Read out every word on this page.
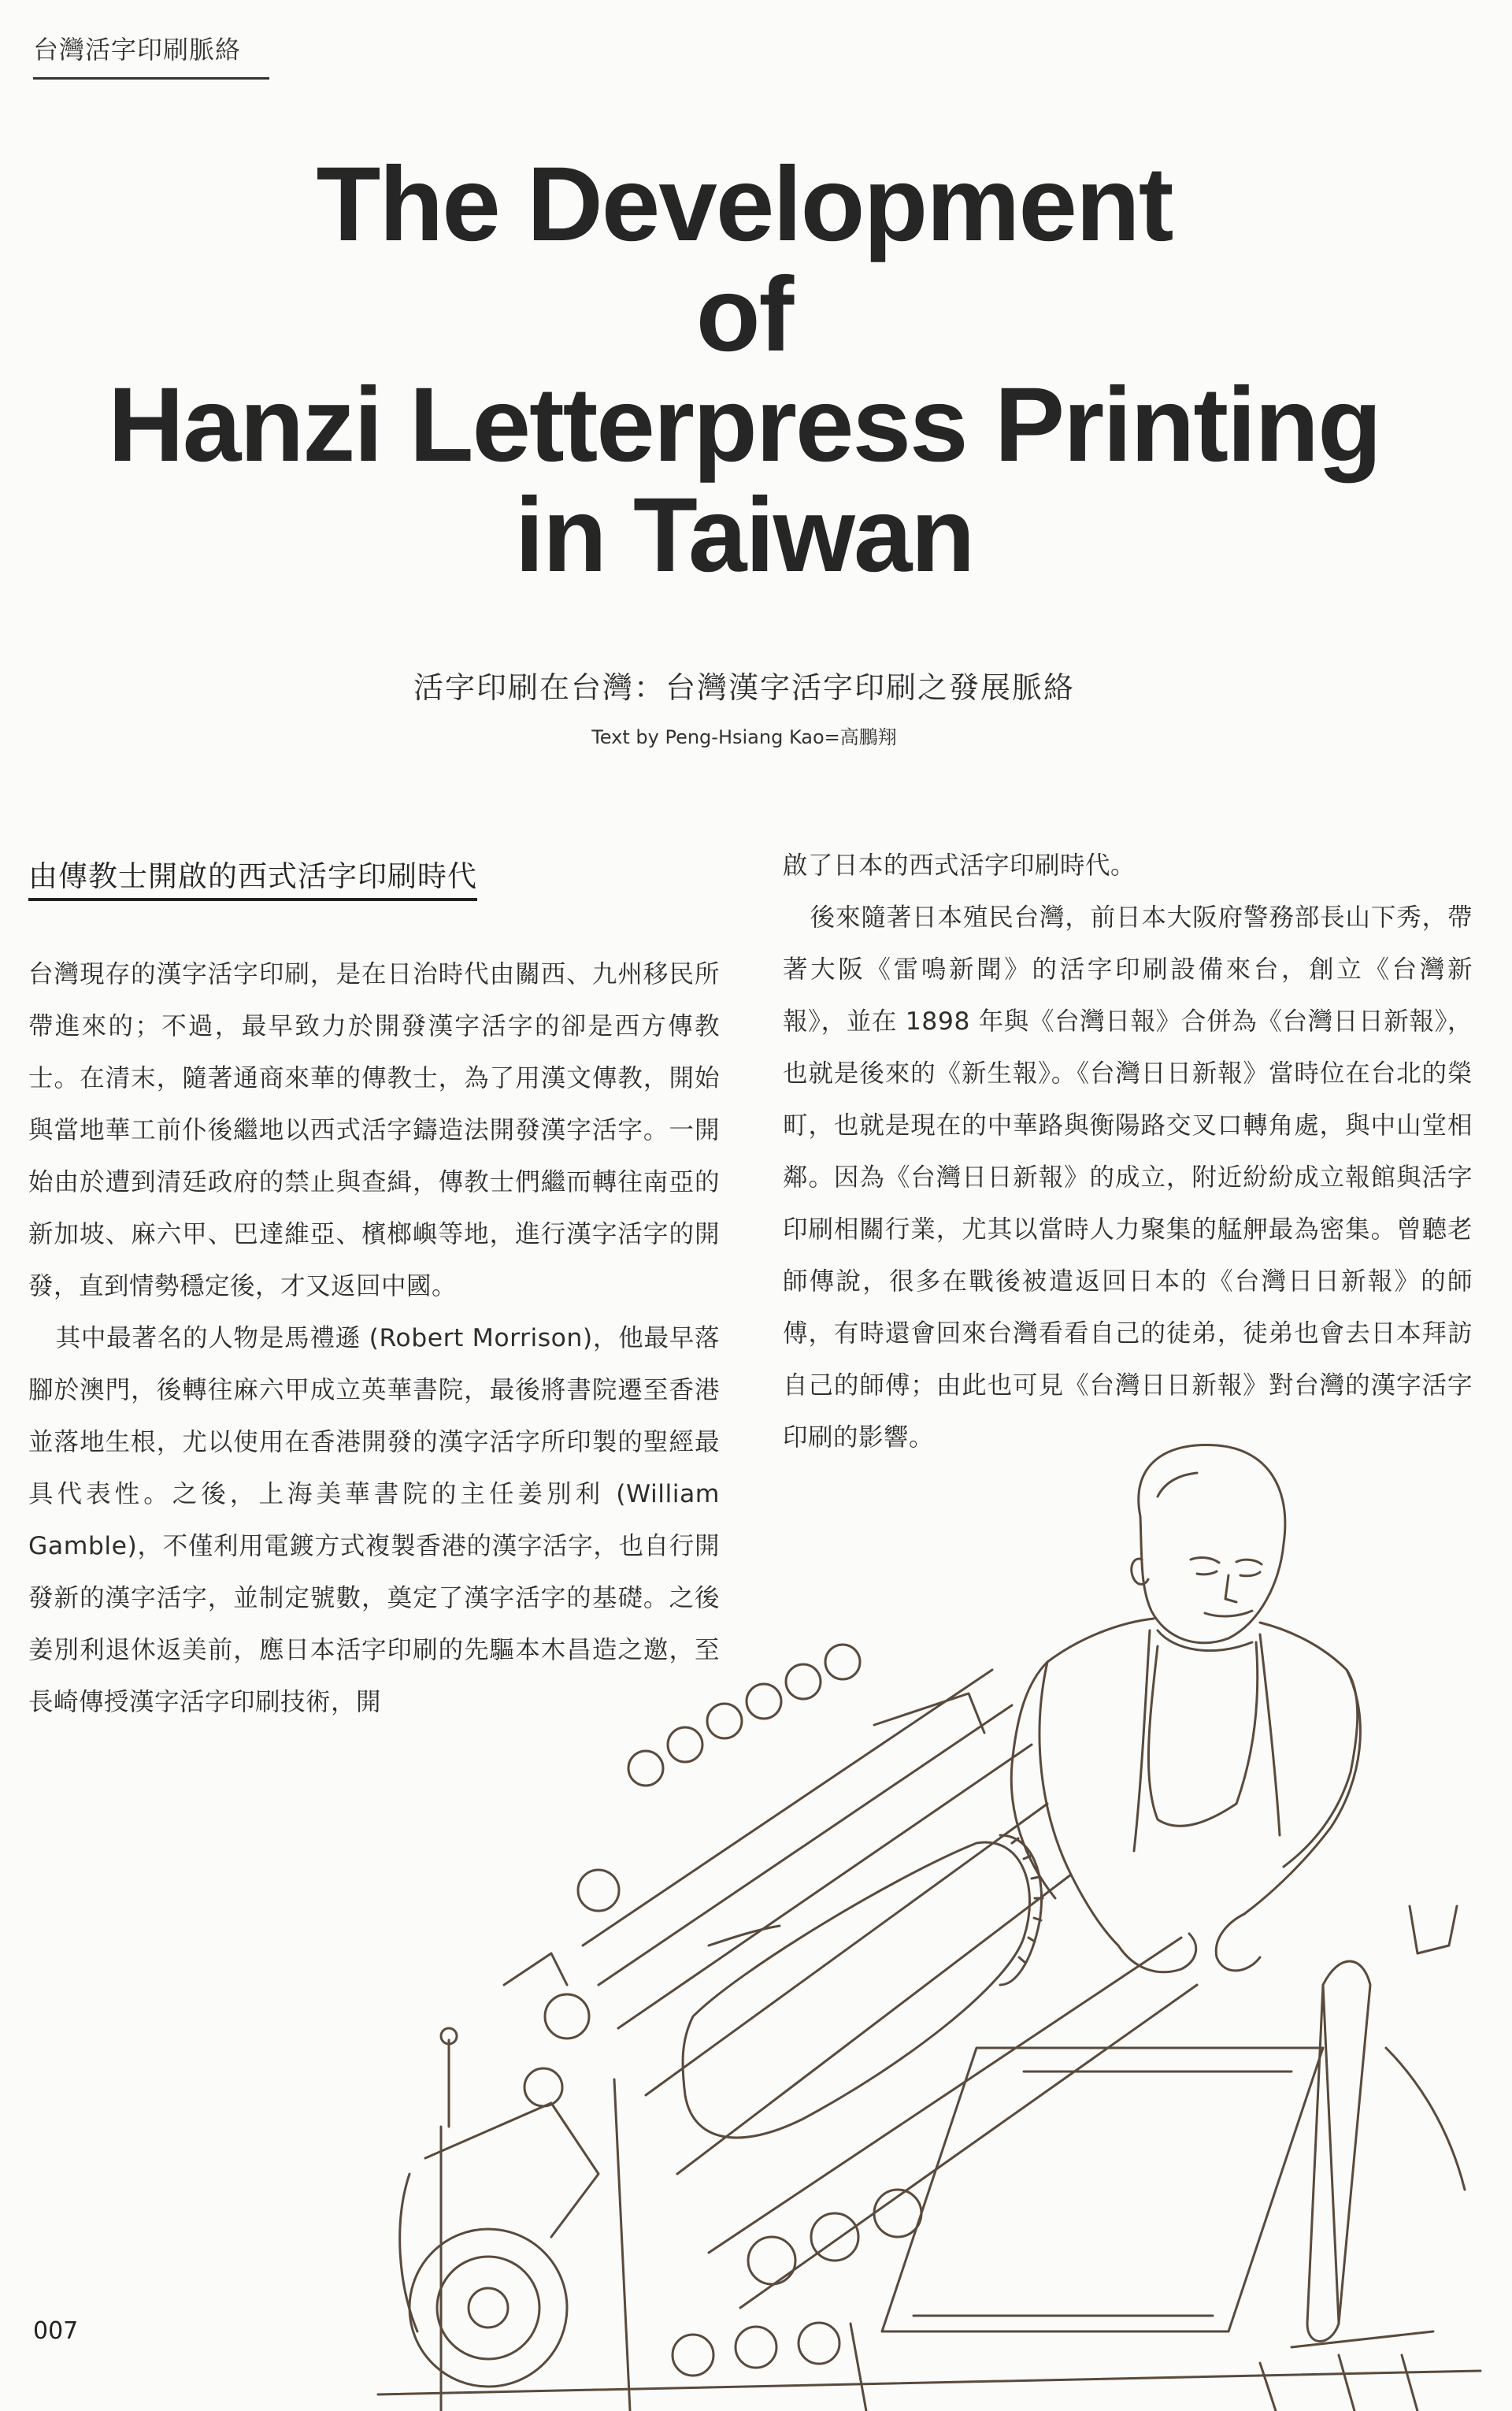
台灣活字印刷脈絡
The Development
of
Hanzi Letterpress Printing
in Taiwan
活字印刷在台灣：台灣漢字活字印刷之發展脈絡
Text by Peng-Hsiang Kao=高鵬翔
由傳教士開啟的西式活字印刷時代

台灣現存的漢字活字印刷，是在日治時代由關西、九州移民所帶進來的；不過，最早致力於開發漢字活字的卻是西方傳教士。在清末，隨著通商來華的傳教士，為了用漢文傳教，開始與當地華工前仆後繼地以西式活字鑄造法開發漢字活字。一開始由於遭到清廷政府的禁止與查緝，傳教士們繼而轉往南亞的新加坡、麻六甲、巴達維亞、檳榔嶼等地，進行漢字活字的開發，直到情勢穩定後，才又返回中國。

其中最著名的人物是馬禮遜 (Robert Morrison)，他最早落腳於澳門，後轉往麻六甲成立英華書院，最後將書院遷至香港並落地生根，尤以使用在香港開發的漢字活字所印製的聖經最具代表性。之後，上海美華書院的主任姜別利 (William Gamble)，不僅利用電鍍方式複製香港的漢字活字，也自行開發新的漢字活字，並制定號數，奠定了漢字活字的基礎。之後姜別利退休返美前，應日本活字印刷的先驅本木昌造之邀，至長崎傳授漢字活字印刷技術，開

啟了日本的西式活字印刷時代。

後來隨著日本殖民台灣，前日本大阪府警務部長山下秀，帶著大阪《雷鳴新聞》的活字印刷設備來台，創立《台灣新報》，並在 1898 年與《台灣日報》合併為《台灣日日新報》，也就是後來的《新生報》。《台灣日日新報》當時位在台北的榮町，也就是現在的中華路與衡陽路交叉口轉角處，與中山堂相鄰。因為《台灣日日新報》的成立，附近紛紛成立報館與活字印刷相關行業，尤其以當時人力聚集的艋舺最為密集。曾聽老師傳說，很多在戰後被遣返回日本的《台灣日日新報》的師傅，有時還會回來台灣看看自己的徒弟，徒弟也會去日本拜訪自己的師傅；由此也可見《台灣日日新報》對台灣的漢字活字印刷的影響。

007
